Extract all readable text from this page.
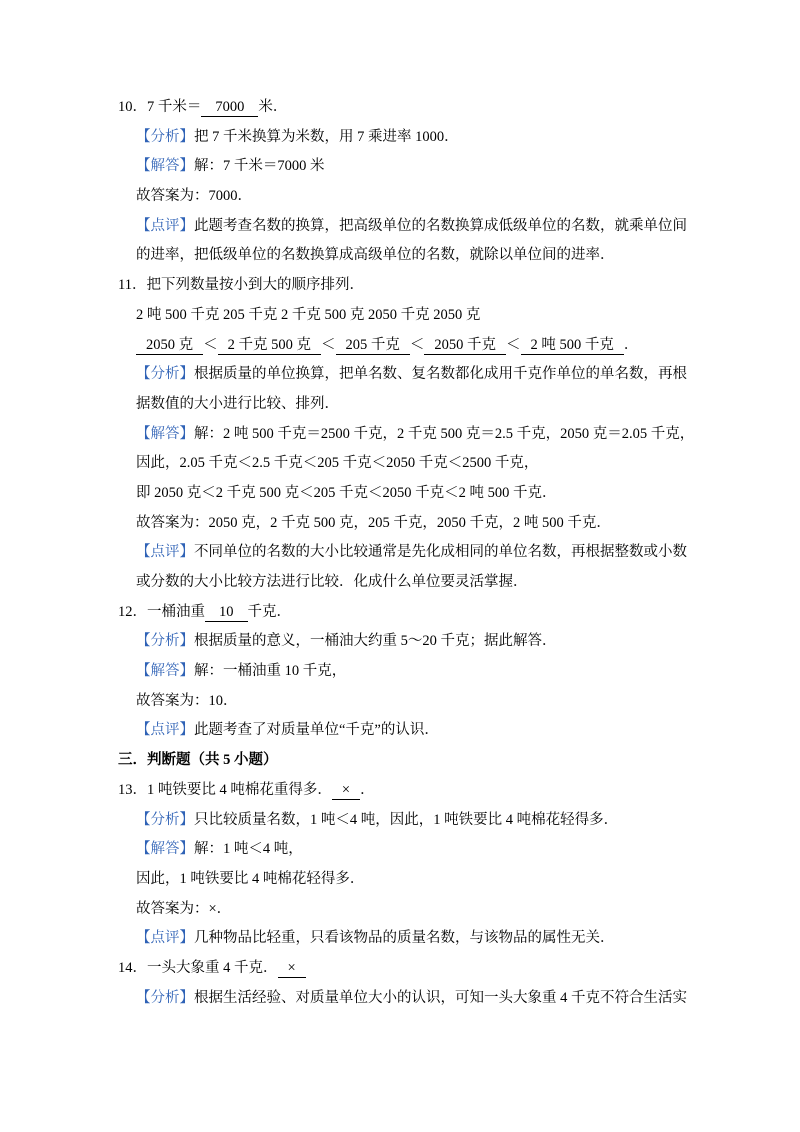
10．7 千米＝ 7000 米．
【分析】把 7 千米换算为米数，用 7 乘进率 1000．
【解答】解：7 千米＝7000 米
故答案为：7000．
【点评】此题考查名数的换算，把高级单位的名数换算成低级单位的名数，就乘单位间
的进率，把低级单位的名数换算成高级单位的名数，就除以单位间的进率．
11．把下列数量按小到大的顺序排列．
2 吨 500 千克 205 千克 2 千克 500 克 2050 千克 2050 克
2050 克 ＜ 2 千克 500 克 ＜ 205 千克 ＜ 2050 千克 ＜ 2 吨 500 千克 ．
【分析】根据质量的单位换算，把单名数、复名数都化成用千克作单位的单名数，再根
据数值的大小进行比较、排列．
【解答】解：2 吨 500 千克＝2500 千克，2 千克 500 克＝2.5 千克，2050 克＝2.05 千克，
因此，2.05 千克＜2.5 千克＜205 千克＜2050 千克＜2500 千克，
即 2050 克＜2 千克 500 克＜205 千克＜2050 千克＜2 吨 500 千克．
故答案为：2050 克，2 千克 500 克，205 千克，2050 千克，2 吨 500 千克．
【点评】不同单位的名数的大小比较通常是先化成相同的单位名数，再根据整数或小数
或分数的大小比较方法进行比较．化成什么单位要灵活掌握．
12．一桶油重 10 千克．
【分析】根据质量的意义，一桶油大约重 5～20 千克；据此解答．
【解答】解：一桶油重 10 千克，
故答案为：10．
【点评】此题考查了对质量单位“千克”的认识．
三．判断题（共 5 小题）
13．1 吨铁要比 4 吨棉花重得多． × ．
【分析】只比较质量名数，1 吨＜4 吨，因此，1 吨铁要比 4 吨棉花轻得多．
【解答】解：1 吨＜4 吨，
因此，1 吨铁要比 4 吨棉花轻得多．
故答案为：×．
【点评】几种物品比轻重，只看该物品的质量名数，与该物品的属性无关．
14．一头大象重 4 千克． ×
【分析】根据生活经验、对质量单位大小的认识，可知一头大象重 4 千克不符合生活实
